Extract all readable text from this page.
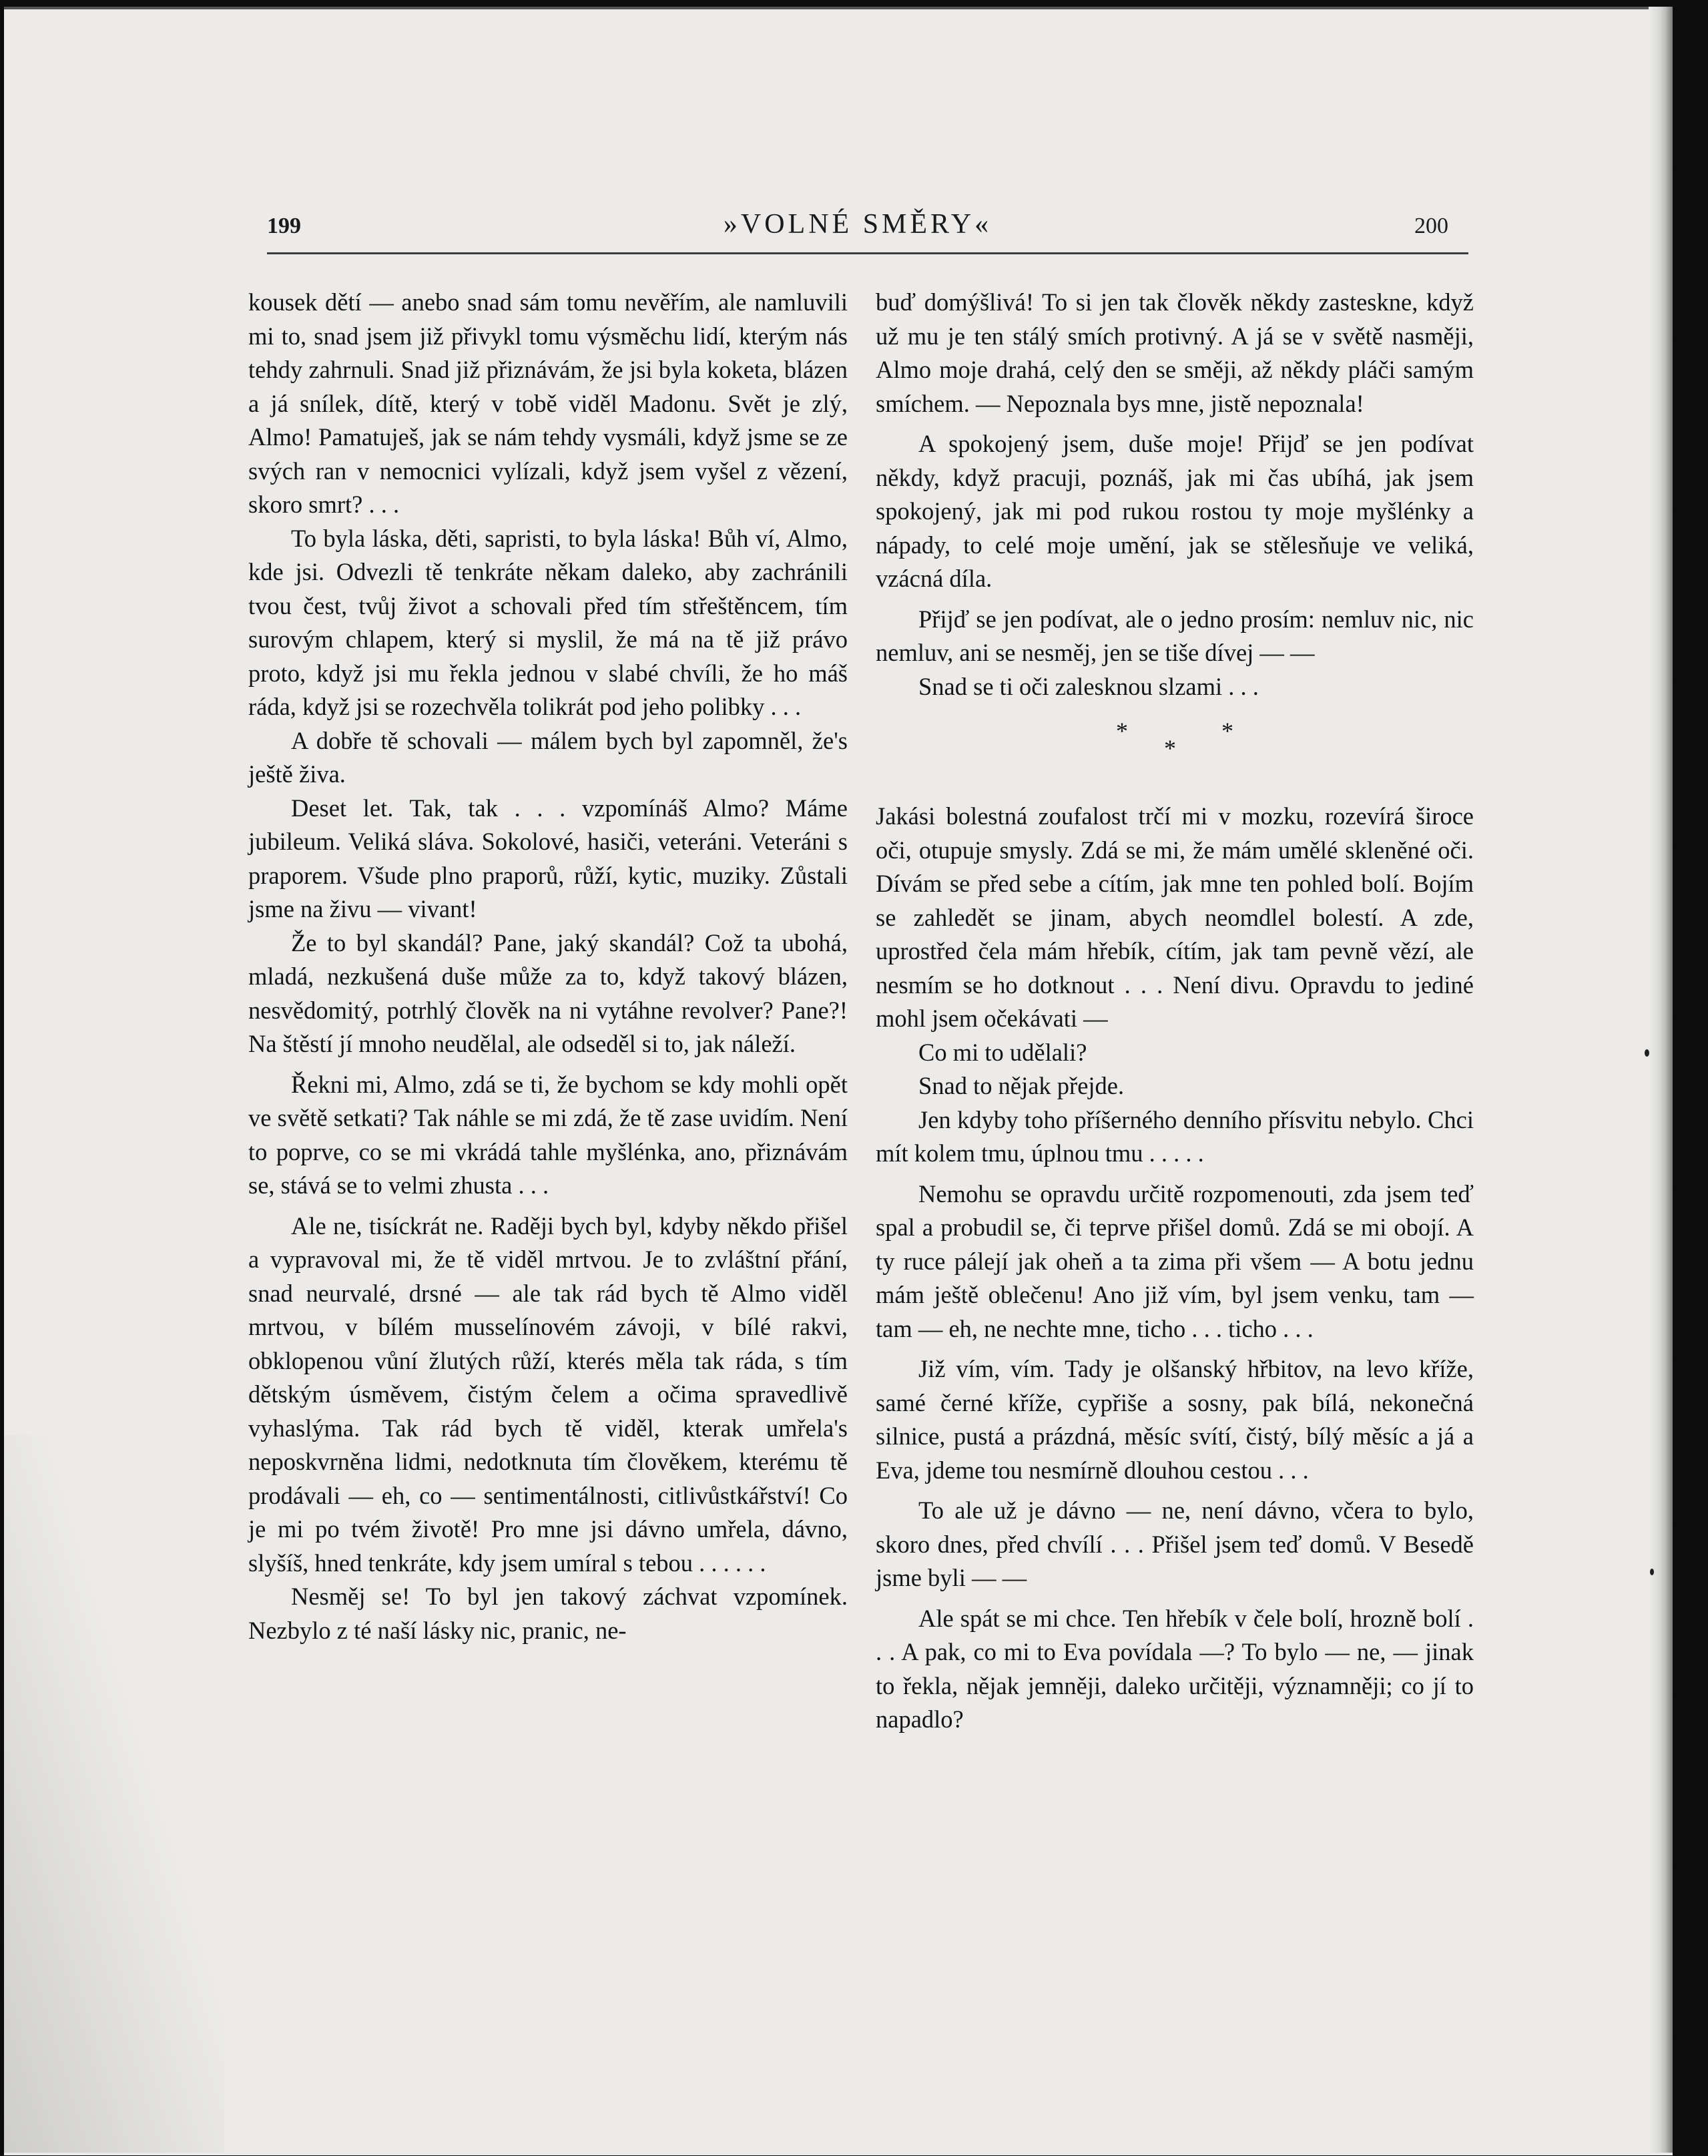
199	»VOLNÉ SMĚRY«	200

kousek dětí — anebo snad sám tomu nevěřím, ale namluvili mi to, snad jsem již přivykl tomu výsměchu lidí, kterým nás tehdy zahrnuli. Snad již přiznávám, že jsi byla koketa, blázen a já snílek, dítě, který v tobě viděl Madonu. Svět je zlý, Almo! Pamatuješ, jak se nám tehdy vysmáli, když jsme se ze svých ran v nemocnici vylízali, když jsem vyšel z vězení, skoro smrt? . . .

To byla láska, děti, sapristi, to byla láska! Bůh ví, Almo, kde jsi. Odvezli tě tenkráte někam daleko, aby zachránili tvou čest, tvůj život a schovali před tím střeštěncem, tím surovým chlapem, který si myslil, že má na tě již právo proto, když jsi mu řekla jednou v slabé chvíli, že ho máš ráda, když jsi se rozechvěla tolikrát pod jeho polibky . . .

A dobře tě schovali — málem bych byl zapomněl, že's ještě živa.

Deset let. Tak, tak . . . vzpomínáš Almo? Máme jubileum. Veliká sláva. Sokolové, hasiči, veteráni. Veteráni s praporem. Všude plno praporů, růží, kytic, muziky. Zůstali jsme na živu — vivant!

Že to byl skandál? Pane, jaký skandál? Což ta ubohá, mladá, nezkušená duše může za to, když takový blázen, nesvědomitý, potrhlý člověk na ni vytáhne revolver? Pane?! Na štěstí jí mnoho neudělal, ale odseděl si to, jak náleží.

Řekni mi, Almo, zdá se ti, že bychom se kdy mohli opět ve světě setkati? Tak náhle se mi zdá, že tě zase uvidím. Není to poprve, co se mi vkrádá tahle myšlénka, ano, přiznávám se, stává se to velmi zhusta . . .

Ale ne, tisíckrát ne. Raději bych byl, kdyby někdo přišel a vypravoval mi, že tě viděl mrtvou. Je to zvláštní přání, snad neurvalé, drsné — ale tak rád bych tě Almo viděl mrtvou, v bílém musselínovém závoji, v bílé rakvi, obklopenou vůní žlutých růží, kterés měla tak ráda, s tím dětským úsměvem, čistým čelem a očima spravedlivě vyhaslýma. Tak rád bych tě viděl, kterak umřela's neposkvrněna lidmi, nedotknuta tím člověkem, kterému tě prodávali — eh, co — sentimentálnosti, citlivůstkářství! Co je mi po tvém životě! Pro mne jsi dávno umřela, dávno, slyšíš, hned tenkráte, kdy jsem umíral s tebou . . . . . .

Nesměj se! To byl jen takový záchvat vzpomínek. Nezbylo z té naší lásky nic, pranic, ne-

buď domýšlivá! To si jen tak člověk někdy zasteskne, když už mu je ten stálý smích protivný. A já se v světě nasměji, Almo moje drahá, celý den se směji, až někdy pláči samým smíchem. — Nepoznala bys mne, jistě nepoznala!

A spokojený jsem, duše moje! Přijď se jen podívat někdy, když pracuji, poznáš, jak mi čas ubíhá, jak jsem spokojený, jak mi pod rukou rostou ty moje myšlénky a nápady, to celé moje umění, jak se stělesňuje ve veliká, vzácná díla.

Přijď se jen podívat, ale o jedno prosím: nemluv nic, nic nemluv, ani se nesměj, jen se tiše dívej — —

Snad se ti oči zalesknou slzami . . .

*
*
*

Jakási bolestná zoufalost trčí mi v mozku, rozevírá široce oči, otupuje smysly. Zdá se mi, že mám umělé skleněné oči. Dívám se před sebe a cítím, jak mne ten pohled bolí. Bojím se zahledět se jinam, abych neomdlel bolestí. A zde, uprostřed čela mám hřebík, cítím, jak tam pevně vězí, ale nesmím se ho dotknout . . . Není divu. Opravdu to jediné mohl jsem očekávati —

Co mi to udělali?

Snad to nějak přejde.

Jen kdyby toho příšerného denního přísvitu nebylo. Chci mít kolem tmu, úplnou tmu . . . . .

Nemohu se opravdu určitě rozpomenouti, zda jsem teď spal a probudil se, či teprve přišel domů. Zdá se mi obojí. A ty ruce pálejí jak oheň a ta zima při všem — A botu jednu mám ještě oblečenu! Ano již vím, byl jsem venku, tam — tam — eh, ne nechte mne, ticho . . . ticho . . .

Již vím, vím. Tady je olšanský hřbitov, na levo kříže, samé černé kříže, cypřiše a sosny, pak bílá, nekonečná silnice, pustá a prázdná, měsíc svítí, čistý, bílý měsíc a já a Eva, jdeme tou nesmírně dlouhou cestou . . .

To ale už je dávno — ne, není dávno, včera to bylo, skoro dnes, před chvílí . . . Přišel jsem teď domů. V Besedě jsme byli — —

Ale spát se mi chce. Ten hřebík v čele bolí, hrozně bolí . . . A pak, co mi to Eva povídala —? To bylo — ne, — jinak to řekla, nějak jemněji, daleko určitěji, významněji; co jí to napadlo?
